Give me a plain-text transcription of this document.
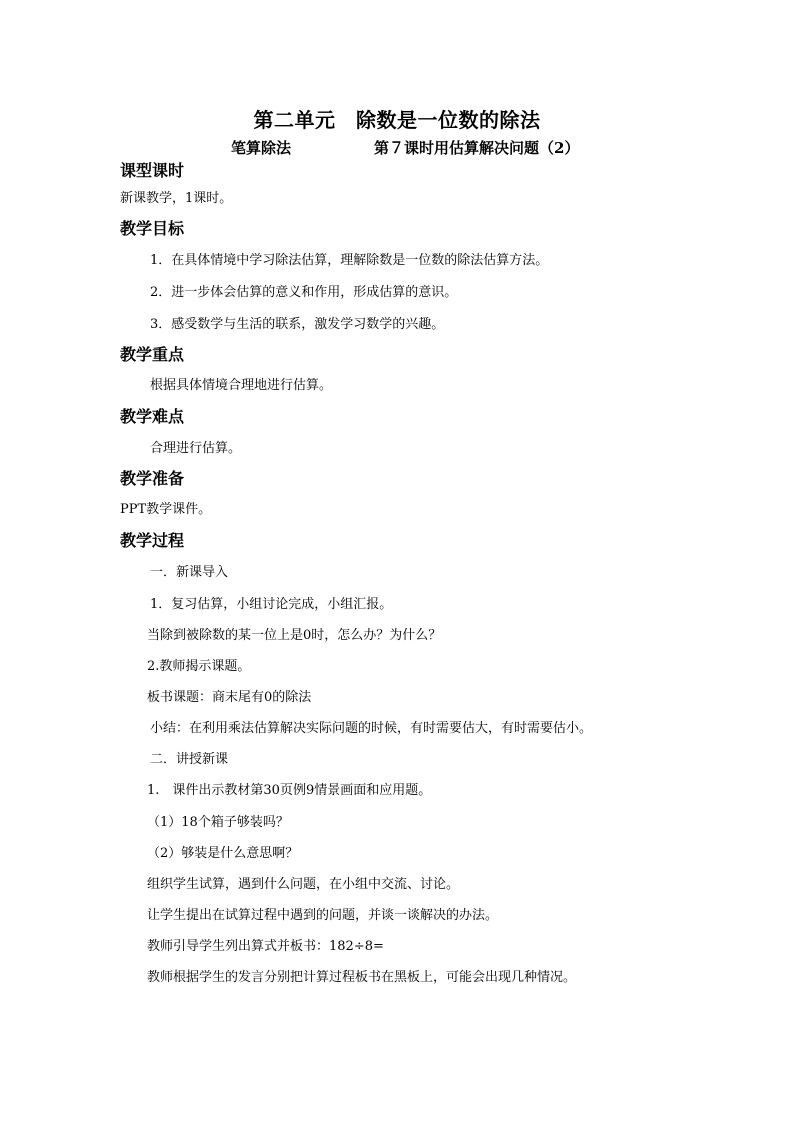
第二单元　除数是一位数的除法
笔算除法	第７课时用估算解决问题（2）
课型课时
新课教学，1课时。
教学目标
1．在具体情境中学习除法估算，理解除数是一位数的除法估算方法。
2．进一步体会估算的意义和作用，形成估算的意识。
3．感受数学与生活的联系，激发学习数学的兴趣。
教学重点
根据具体情境合理地进行估算。
教学难点
合理进行估算。
教学准备
PPT教学课件。
教学过程
一．新课导入
1．复习估算，小组讨论完成，小组汇报。
当除到被除数的某一位上是0时，怎么办？为什么？
2.教师揭示课题。
板书课题：商末尾有0的除法
小结：在利用乘法估算解决实际问题的时候，有时需要估大，有时需要估小。
二．讲授新课
1.　课件出示教材第30页例9情景画面和应用题。
（1）18个箱子够装吗？
（2）够装是什么意思啊？
组织学生试算，遇到什么问题，在小组中交流、讨论。
让学生提出在试算过程中遇到的问题，并谈一谈解决的办法。
教师引导学生列出算式并板书：182÷8=
教师根据学生的发言分别把计算过程板书在黑板上，可能会出现几种情况。
